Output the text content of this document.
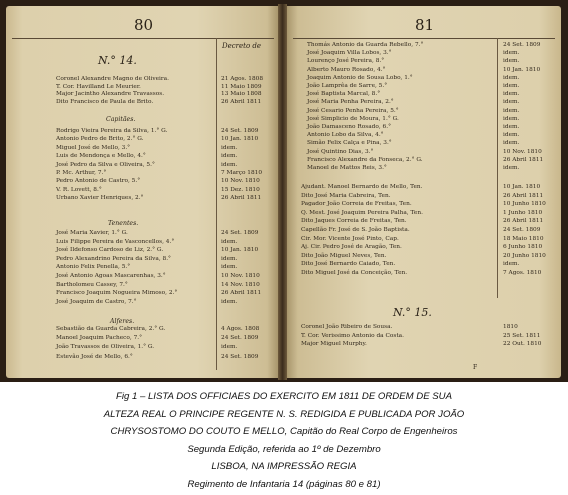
80
Decreto de
N.° 14.
Coronel Alexandre Magno de Oliveira.	21 Agos. 1808
T. Cor. Havilland Le Meurier.	11 Maio 1809
Major Jacintho Alexandre Travassos.	13 Maio 1808
Dito Francisco de Paula de Brito.	26 Abril 1811
Capitães.
Rodrigo Vieira Pereira da Silva, 1.° G.	24 Set. 1809
Antonio Pedro de Brito, 2.° G.	10 Jan. 1810
Miguel José de Mello, 3.°	idem.
Luis de Mendonça e Mello, 4.°	idem.
José Pedro da Silva e Oliveira, 5.°	idem.
P. Mc. Arthur, 7.°	7 Março 1810
Pedro Antonio de Castro, 5.°	10 Nov. 1810
V. R. Lovett, 8.°	15 Dez. 1810
Urbano Xavier Henriques, 2.°	26 Abril 1811
Tenentes.
José Maria Xavier, 1.° G.	24 Set. 1809
Luis Filippe Pereira de Vasconcellos, 4.°	idem.
José Ildefonso Cardoso de Liz, 2.° G.	10 Jan. 1810
Pedro Alexandrino Pereira da Silva, 8.°	idem.
Antonio Felix Penella, 5.°	idem.
José Antonio Agoas Mascarenhas, 3.°	10 Nov. 1810
Bartholomeu Cassey, 7.°	14 Nov. 1810
Francisco Joaquim Nogueira Mimoso, 2.°	26 Abril 1811
José Joaquim de Castro, 7.°	idem.
Alferes.
Sebastião da Guarda Cabreira, 2.° G.	4 Agos. 1808
Manoel Joaquim Pacheco, 7.°	24 Set. 1809
João Travassos de Oliveira, 1.° G.	idem.
Estevão José de Mello, 6.°	24 Set. 1809
81
Thomás Antonio da Guarda Rebello, 7.°	24 Set. 1809
José Joaquim Villa Lobos, 3.°	idem.
Lourenço José Pereira, 8.°	idem.
Alberto Mauro Rosado, 4.°	10 Jan. 1810
Joaquim Antonio de Sousa Lobo, 1.°	idem.
João Lamprêa de Sarre, 5.°	idem.
José Baptista Marcal, 8.°	idem.
José Maria Penha Pereira, 2.°	idem.
José Cesario Penha Pereira, 5.°	idem.
José Simplicio de Moura, 1.° G.	idem.
João Damasceno Rosado, 6.°	idem.
Antonio Lobo da Silva, 4.°	idem.
Simão Felix Calça e Pina, 3.°	idem.
José Quintino Dias, 3.°	10 Nov. 1810
Francisco Alexandre da Fonseca, 2.° G.	26 Abril 1811
Manoel de Mattos Reis, 3.°	idem.
Ajudant. Manoel Bernardo de Mello, Ten.	10 Jan. 1810
Dito José Maria Cabreira, Ten.	26 Abril 1811
Pagador João Correia de Freitas, Ten.	10 Junho 1810
Q. Mest. José Joaquim Pereira Palha, Ten.	1 Junho 1810
Dito Jaques Correia de Freitas, Ten.	26 Abril 1811
Capellão Fr. José de S. João Baptista.	24 Set. 1809
Cir. Mor. Vicente José Pinto, Cap.	18 Maio 1810
Aj. Cir. Pedro José de Aragão, Ten.	6 Junho 1810
Dito João Miguel Neves, Ten.	20 Junho 1810
Dito José Bernardo Caiado, Ten.	idem.
Dito Miguel José da Conceição, Ten.	7 Agos. 1810
N.° 15.
Coronel João Ribeiro de Sousa.	1810
T. Cor. Verissimo Antonio da Costa.	25 Set. 1811
Major Miguel Murphy.	22 Out. 1810
F
Fig 1 – LISTA DOS OFFICIAES DO EXERCITO EM 1811 DE ORDEM DE SUA
ALTEZA REAL O PRINCIPE REGENTE N. S. REDIGIDA E PUBLICADA POR JOÃO
CHRYSOSTOMO DO COUTO E MELLO, Capitão do Real Corpo de Engenheiros
Segunda Edição, referida ao 1º de Dezembro
LISBOA, NA IMPRESSÃO REGIA
Regimento de Infantaria 14 (páginas 80 e 81)
